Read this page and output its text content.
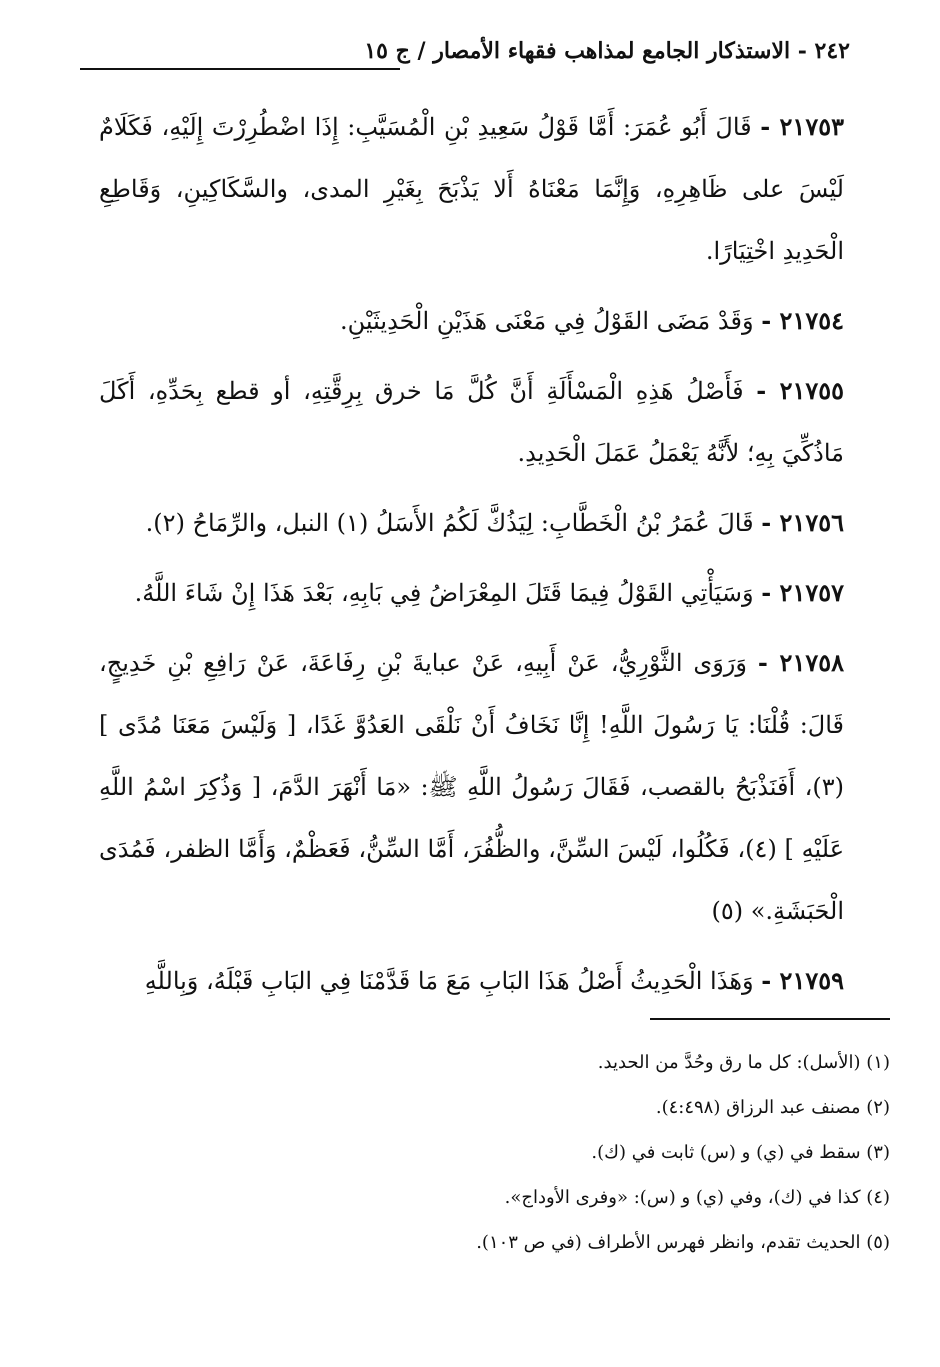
٢٤٢ - الاستذكار الجامع لمذاهب فقهاء الأمصار / ج ١٥

٢١٧٥٣ - قَالَ أَبُو عُمَرَ: أَمَّا قَوْلُ سَعِيدِ بْنِ الْمُسَيَّبِ: إِذَا اضْطُرِرْتَ إِلَيْهِ، فَكَلَامٌ لَيْسَ على ظَاهِرِهِ، وَإِنَّمَا مَعْنَاهُ أَلا يَذْبَحَ بِغَيْرِ المدى، والسَّكَاكِينِ، وَقَاطِعِ الْحَدِيدِ اخْتِيَارًا.

٢١٧٥٤ - وَقَدْ مَضَى القَوْلُ فِي مَعْنَى هَذَيْنِ الْحَدِيثَيْنِ.

٢١٧٥٥ - فَأَصْلُ هَذِهِ الْمَسْأَلَةِ أَنَّ كُلَّ مَا خرق بِرِقَّتِهِ، أو قطع بِحَدِّهِ، أَكَلَ مَاذُكِّيَ بِهِ؛ لأَنَّهُ يَعْمَلُ عَمَلَ الْحَدِيدِ.

٢١٧٥٦ - قَالَ عُمَرُ بْنُ الْخَطَّابِ: لِيَذُكَّ لَكُمُ الأَسَلُ (١) النبل، والرِّمَاحُ (٢).

٢١٧٥٧ - وَسَيَأْتِي القَوْلُ فِيمَا قَتَلَ المِعْرَاضُ فِي بَابِهِ، بَعْدَ هَذَا إِنْ شَاءَ اللَّهُ.

٢١٧٥٨ - وَرَوَى الثَّوْرِيُّ، عَنْ أَبِيهِ، عَنْ عبايةَ بْنِ رِفَاعَةَ، عَنْ رَافِعِ بْنِ خَدِيجٍ، قَالَ: قُلْنَا: يَا رَسُولَ اللَّهِ! إِنَّا نَخَافُ أَنْ نَلْقَى العَدُوَّ غَدًا، [ وَلَيْسَ مَعَنَا مُدًى ] (٣)، أَفَنَذْبَحُ بالقصب، فَقَالَ رَسُولُ اللَّهِ ﷺ: «مَا أَنْهَرَ الدَّمَ، [ وَذُكِرَ اسْمُ اللَّهِ عَلَيْهِ ] (٤)، فَكُلُوا، لَيْسَ السِّنَّ، والظُّفُرَ، أَمَّا السِّنُّ، فَعَظْمٌ، وَأَمَّا الظفر، فَمُدَى الْحَبَشَةِ.» (٥)

٢١٧٥٩ - وَهَذَا الْحَدِيثُ أَصْلُ هَذَا البَابِ مَعَ مَا قَدَّمْنَا فِي البَابِ قَبْلَهُ، وَبِاللَّهِ

(١) (الأسل): كل ما رق وحُدَّ من الحديد.
(٢) مصنف عبد الرزاق (٤:٤٩٨).
(٣) سقط في (ي) و (س) ثابت في (ك).
(٤) كذا في (ك)، وفي (ي) و (س): «وفرى الأوداج».
(٥) الحديث تقدم، وانظر فهرس الأطراف (في ص ١٠٣).
